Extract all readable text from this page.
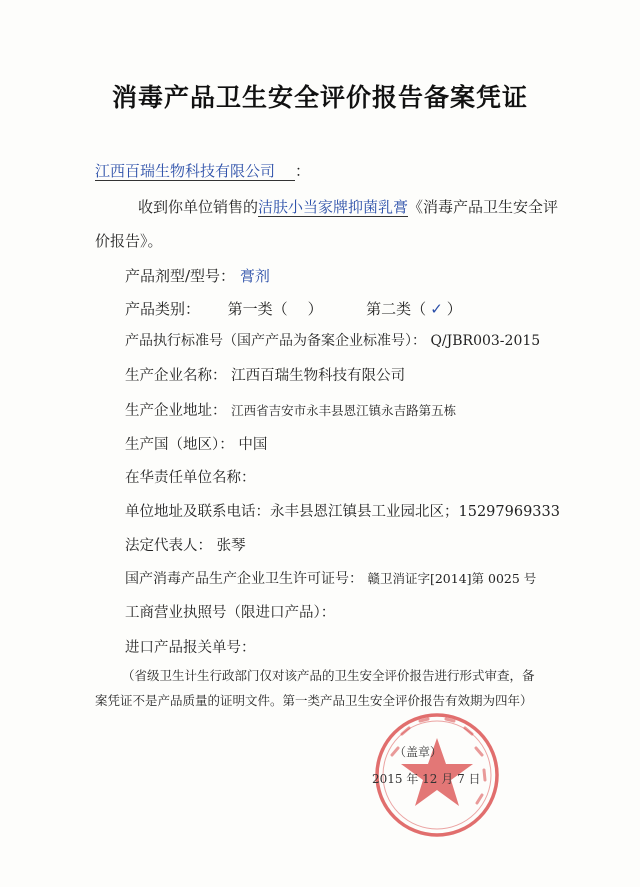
消毒产品卫生安全评价报告备案凭证
江西百瑞生物科技有限公司 ：
收到你单位销售的洁肤小当家牌抑菌乳膏《消毒产品卫生安全评
价报告》。
产品剂型/型号： 膏剂
产品类别： 第一类（ ）	第二类（ ✓ ）
产品执行标准号（国产产品为备案企业标准号）： Q/JBR003-2015
生产企业名称： 江西百瑞生物科技有限公司
生产企业地址： 江西省吉安市永丰县恩江镇永吉路第五栋
生产国（地区）： 中国
在华责任单位名称：
单位地址及联系电话：永丰县恩江镇县工业园北区；15297969333
法定代表人： 张琴
国产消毒产品生产企业卫生许可证号： 赣卫消证字[2014]第 0025 号
工商营业执照号（限进口产品）：
进口产品报关单号：
（省级卫生计生行政部门仅对该产品的卫生安全评价报告进行形式审查，备
案凭证不是产品质量的证明文件。第一类产品卫生安全评价报告有效期为四年）
（盖章）
2015 年 12 月 7 日
